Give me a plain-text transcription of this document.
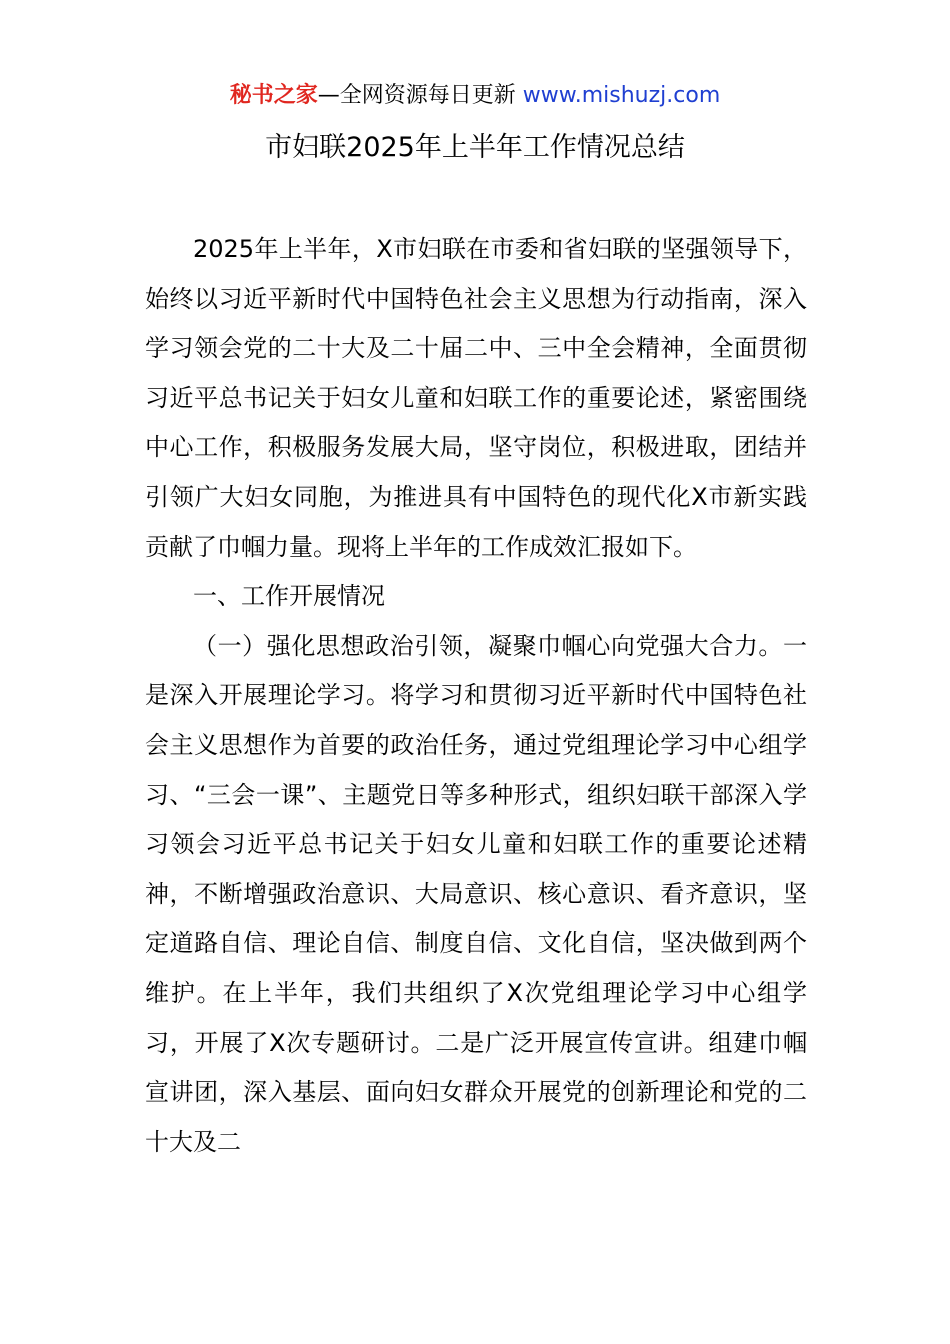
秘书之家—全网资源每日更新 www.mishuzj.com
市妇联2025年上半年工作情况总结

2025年上半年，X市妇联在市委和省妇联的坚强领导下，始终以习近平新时代中国特色社会主义思想为行动指南，深入学习领会党的二十大及二十届二中、三中全会精神，全面贯彻习近平总书记关于妇女儿童和妇联工作的重要论述，紧密围绕中心工作，积极服务发展大局，坚守岗位，积极进取，团结并引领广大妇女同胞，为推进具有中国特色的现代化X市新实践贡献了巾帼力量。现将上半年的工作成效汇报如下。

一、工作开展情况

（一）强化思想政治引领，凝聚巾帼心向党强大合力。一是深入开展理论学习。将学习和贯彻习近平新时代中国特色社会主义思想作为首要的政治任务，通过党组理论学习中心组学习、“三会一课”、主题党日等多种形式，组织妇联干部深入学习领会习近平总书记关于妇女儿童和妇联工作的重要论述精神，不断增强政治意识、大局意识、核心意识、看齐意识，坚定道路自信、理论自信、制度自信、文化自信，坚决做到两个维护。在上半年，我们共组织了X次党组理论学习中心组学习，开展了X次专题研讨。二是广泛开展宣传宣讲。组建巾帼宣讲团，深入基层、面向妇女群众开展党的创新理论和党的二十大及二
